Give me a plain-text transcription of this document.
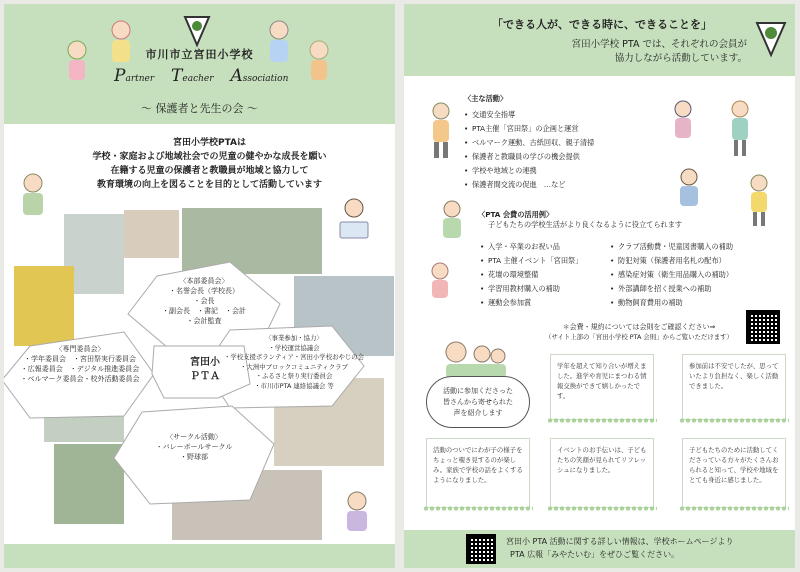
市川市立宮田小学校
Partner Teacher Association
〜 保護者と先生の会 〜
宮田小学校PTAは
学校・家庭および地域社会での児童の健やかな成長を願い
在籍する児童の保護者と教職員が地域と協力して
教育環境の向上を図ることを目的として活動しています
〈本部委員会〉
・名誉会長（学校長）
・会長
・副会長　・書記　・会計
・会計監査
〈専門委員会〉
・学年委員会　・宮田祭実行委員会
・広報委員会　・デジタル推進委員会
・ベルマーク委員会・校外活動委員会
宮田小
ＰＴＡ
〈事業参加・協力〉
・学校運営協議会
・学校支援ボランティア・宮田小学校おやじの会
・大洲中ブロックコミュニティクラブ
・ふるさと祭り実行委員会
・市川市PTA 連絡協議会 等
〈サークル活動〉
・バレーボールサークル
・野球部
「できる人が、できる時に、できることを」
宮田小学校 PTA では、それぞれの会員が
協力しながら活動しています。
〈主な活動〉
• 交通安全指導
• PTA主催「宮田祭」の企画と運営
• ベルマーク運動、古紙回収、親子清掃
• 保護者と教職員の学びの機会提供
• 学校や地域との連携
• 保護者間交流の促進　…など
〈PTA 会費の活用例〉
子どもたちの学校生活がより良くなるように役立てられます
• 入学・卒業のお祝い品
• PTA 主催イベント「宮田祭」
• 花壇の環境整備
• 学習用教材購入の補助
• 運動会参加賞
• クラブ活動費・児童図書購入の補助
• 防犯対策（保護者用名札の配布）
• 感染症対策（衛生用品購入の補助）
• 外部講師を招く授業への補助
• 動物飼育費用の補助
＊会費・規約については会則をご確認ください⇒
（サイト上部の「宮田小学校 PTA 会則」からご覧いただけます）
活動に参加くださった
皆さんから寄せられた
声を紹介します
学年を超えて知り合いが増えました。進学や育児にまつわる情報交換ができて嬉しかったです。
参加前は不安でしたが、思っていたより負担なく、楽しく活動できました。
活動のついでにわが子の様子をちょっと覗き見するのが楽しみ。家族で学校の話をよくするようになりました。
イベントのお手伝いは、子どもたちの笑顔が見られてリフレッシュになりました。
子どもたちのために活動してくださっている方々がたくさんおられると知って、学校や地域をとても身近に感じました。
宮田小 PTA 活動に関する詳しい情報は、学校ホームページより
PTA 広報「みやたいむ」をぜひご覧ください。
